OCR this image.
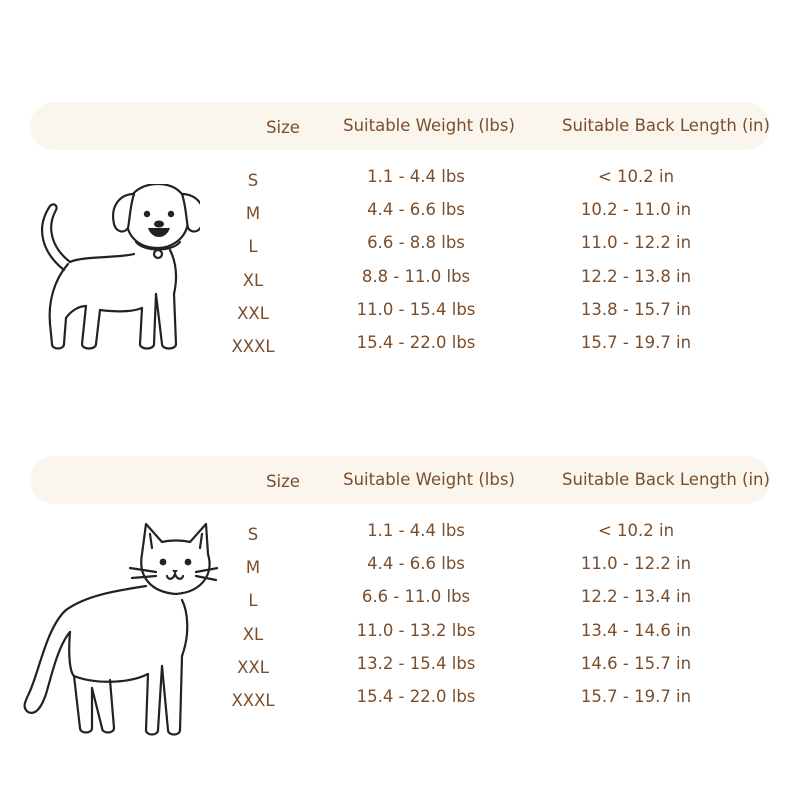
Size	Suitable Weight (lbs)	Suitable Back Length (in)
S	1.1 - 4.4 lbs	< 10.2 in
M	4.4 - 6.6 lbs	10.2 - 11.0 in
L	6.6 - 8.8 lbs	11.0 - 12.2 in
XL	8.8 - 11.0 lbs	12.2 - 13.8 in
XXL	11.0 - 15.4 lbs	13.8 - 15.7 in
XXXL	15.4 - 22.0 lbs	15.7 - 19.7 in
Size	Suitable Weight (lbs)	Suitable Back Length (in)
S	1.1 - 4.4 lbs	< 10.2 in
M	4.4 - 6.6 lbs	11.0 - 12.2 in
L	6.6 - 11.0 lbs	12.2 - 13.4 in
XL	11.0 - 13.2 lbs	13.4 - 14.6 in
XXL	13.2 - 15.4 lbs	14.6 - 15.7 in
XXXL	15.4 - 22.0 lbs	15.7 - 19.7 in
